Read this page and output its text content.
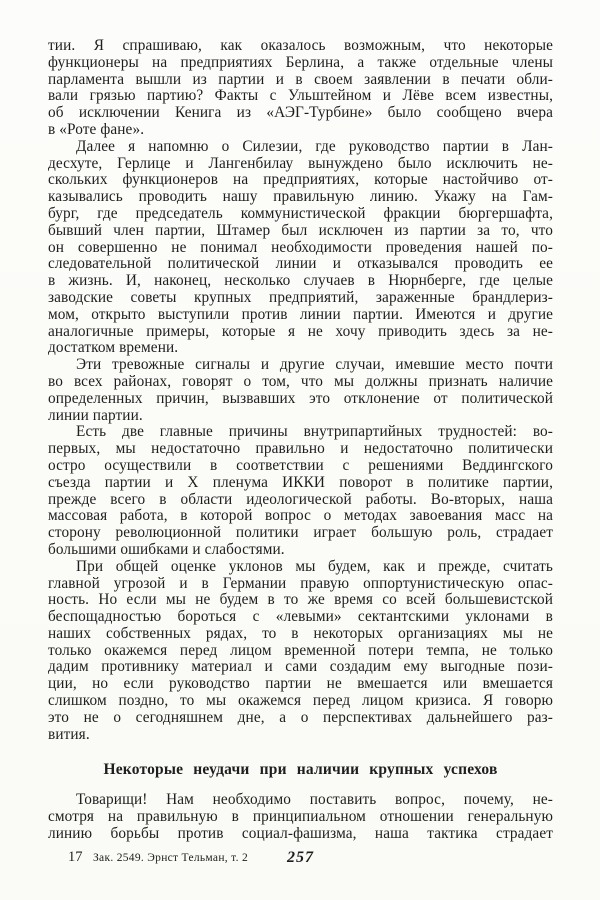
тии. Я спрашиваю, как оказалось возможным, что некоторые
функционеры на предприятиях Берлина, а также отдельные члены
парламента вышли из партии и в своем заявлении в печати обли-
вали грязью партию? Факты с Ульштейном и Лёве всем известны,
об исключении Кенига из «АЭГ-Турбине» было сообщено вчера
в «Роте фане».
Далее я напомню о Силезии, где руководство партии в Лан-
десхуте, Герлице и Лангенбилау вынуждено было исключить не-
скольких функционеров на предприятиях, которые настойчиво от-
казывались проводить нашу правильную линию. Укажу на Гам-
бург, где председатель коммунистической фракции бюргершафта,
бывший член партии, Штамер был исключен из партии за то, что
он совершенно не понимал необходимости проведения нашей по-
следовательной политической линии и отказывался проводить ее
в жизнь. И, наконец, несколько случаев в Нюрнберге, где целые
заводские советы крупных предприятий, зараженные брандлериз-
мом, открыто выступили против линии партии. Имеются и другие
аналогичные примеры, которые я не хочу приводить здесь за не-
достатком времени.
Эти тревожные сигналы и другие случаи, имевшие место почти
во всех районах, говорят о том, что мы должны признать наличие
определенных причин, вызвавших это отклонение от политической
линии партии.
Есть две главные причины внутрипартийных трудностей: во-
первых, мы недостаточно правильно и недостаточно политически
остро осуществили в соответствии с решениями Веддингского
съезда партии и X пленума ИККИ поворот в политике партии,
прежде всего в области идеологической работы. Во-вторых, наша
массовая работа, в которой вопрос о методах завоевания масс на
сторону революционной политики играет большую роль, страдает
большими ошибками и слабостями.
При общей оценке уклонов мы будем, как и прежде, считать
главной угрозой и в Германии правую оппортунистическую опас-
ность. Но если мы не будем в то же время со всей большевистской
беспощадностью бороться с «левыми» сектантскими уклонами в
наших собственных рядах, то в некоторых организациях мы не
только окажемся перед лицом временной потери темпа, не только
дадим противнику материал и сами создадим ему выгодные пози-
ции, но если руководство партии не вмешается или вмешается
слишком поздно, то мы окажемся перед лицом кризиса. Я говорю
это не о сегодняшнем дне, а о перспективах дальнейшего раз-
вития.
Некоторые неудачи при наличии крупных успехов
Товарищи! Нам необходимо поставить вопрос, почему, не-
смотря на правильную в принципиальном отношении генеральную
линию борьбы против социал-фашизма, наша тактика страдает
17 Зак. 2549. Эрнст Тельман, т. 2	257
